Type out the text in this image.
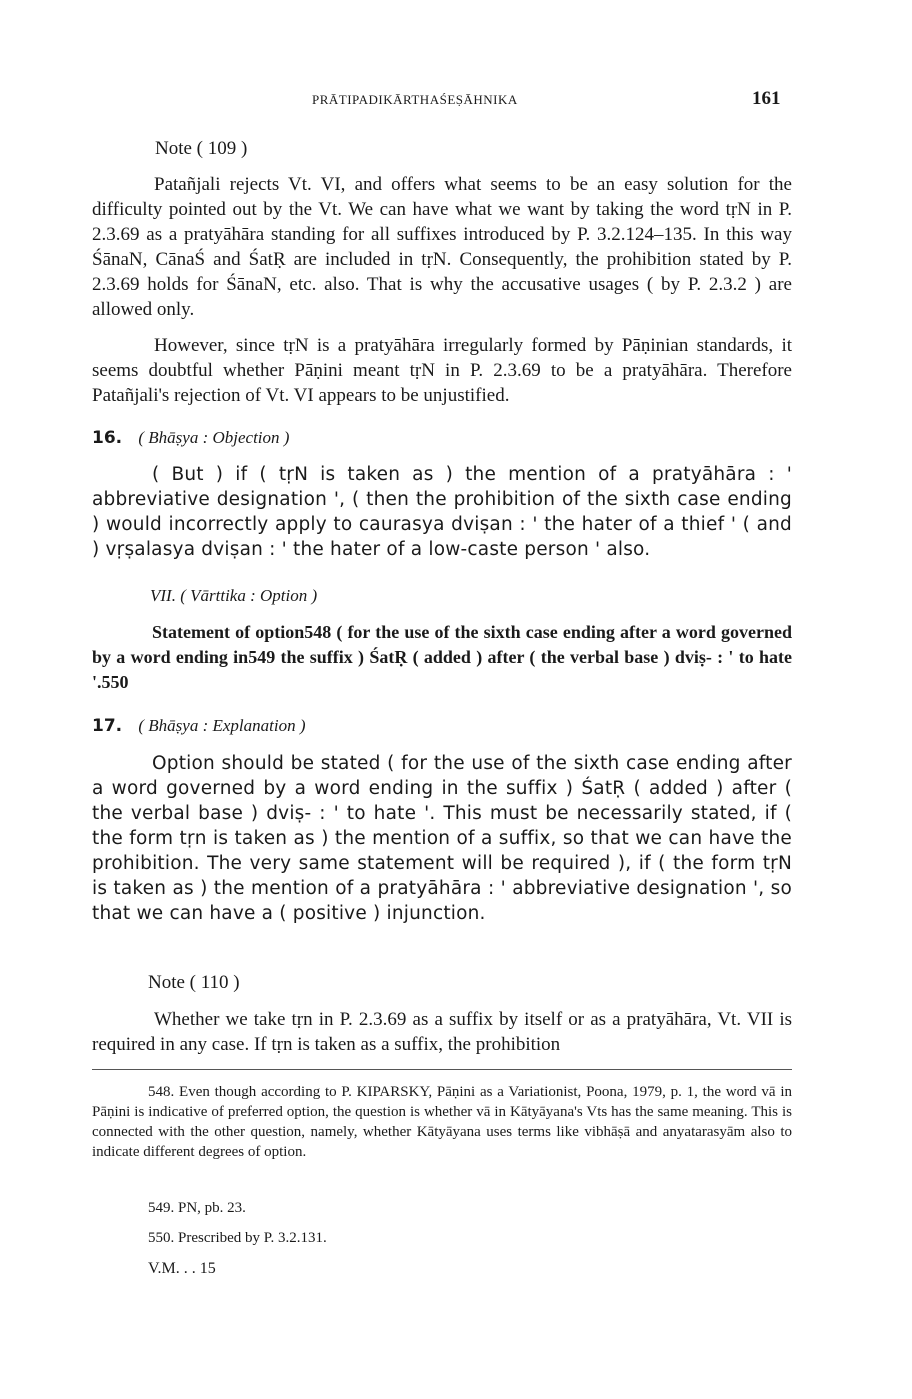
PRĀTIPADIKĀRTHAŚEṢĀHNIKA	161
Note ( 109 )

Patañjali rejects Vt. VI, and offers what seems to be an easy solution for the difficulty pointed out by the Vt. We can have what we want by taking the word tṛN in P. 2.3.69 as a pratyāhāra standing for all suffixes introduced by P. 3.2.124–135. In this way ŚānaN, CānaŚ and ŚatṚ are included in tṛN. Consequently, the prohibition stated by P. 2.3.69 holds for ŚānaN, etc. also. That is why the accusative usages ( by P. 2.3.2 ) are allowed only.

However, since tṛN is a pratyāhāra irregularly formed by Pāṇinian standards, it seems doubtful whether Pāṇini meant tṛN in P. 2.3.69 to be a pratyāhāra. Therefore Patañjali's rejection of Vt. VI appears to be unjustified.

16. ( Bhāṣya : Objection )

( But ) if ( tṛN is taken as ) the mention of a pratyāhāra : ' abbreviative designation ', ( then the prohibition of the sixth case ending ) would incorrectly apply to caurasya dviṣan : ' the hater of a thief ' ( and ) vṛṣalasya dviṣan : ' the hater of a low-caste person ' also.

VII. ( Vārttika : Option )

Statement of option548 ( for the use of the sixth case ending after a word governed by a word ending in549 the suffix ) ŚatṚ ( added ) after ( the verbal base ) dviṣ- : ' to hate '.550

17. ( Bhāṣya : Explanation )

Option should be stated ( for the use of the sixth case ending after a word governed by a word ending in the suffix ) ŚatṚ ( added ) after ( the verbal base ) dviṣ- : ' to hate '. This must be necessarily stated, if ( the form tṛn is taken as ) the mention of a suffix, so that we can have the prohibition. The very same statement will be required ), if ( the form tṛN is taken as ) the mention of a pratyāhāra : ' abbreviative designation ', so that we can have a ( positive ) injunction.

Note ( 110 )

Whether we take tṛn in P. 2.3.69 as a suffix by itself or as a pratyāhāra, Vt. VII is required in any case. If tṛn is taken as a suffix, the prohibition

548. Even though according to P. KIPARSKY, Pāṇini as a Variationist, Poona, 1979, p. 1, the word vā in Pāṇini is indicative of preferred option, the question is whether vā in Kātyāyana's Vts has the same meaning. This is connected with the other question, namely, whether Kātyāyana uses terms like vibhāṣā and anyatarasyām also to indicate different degrees of option.

549. PN, pb. 23.

550. Prescribed by P. 3.2.131.

V.M. . . 15
